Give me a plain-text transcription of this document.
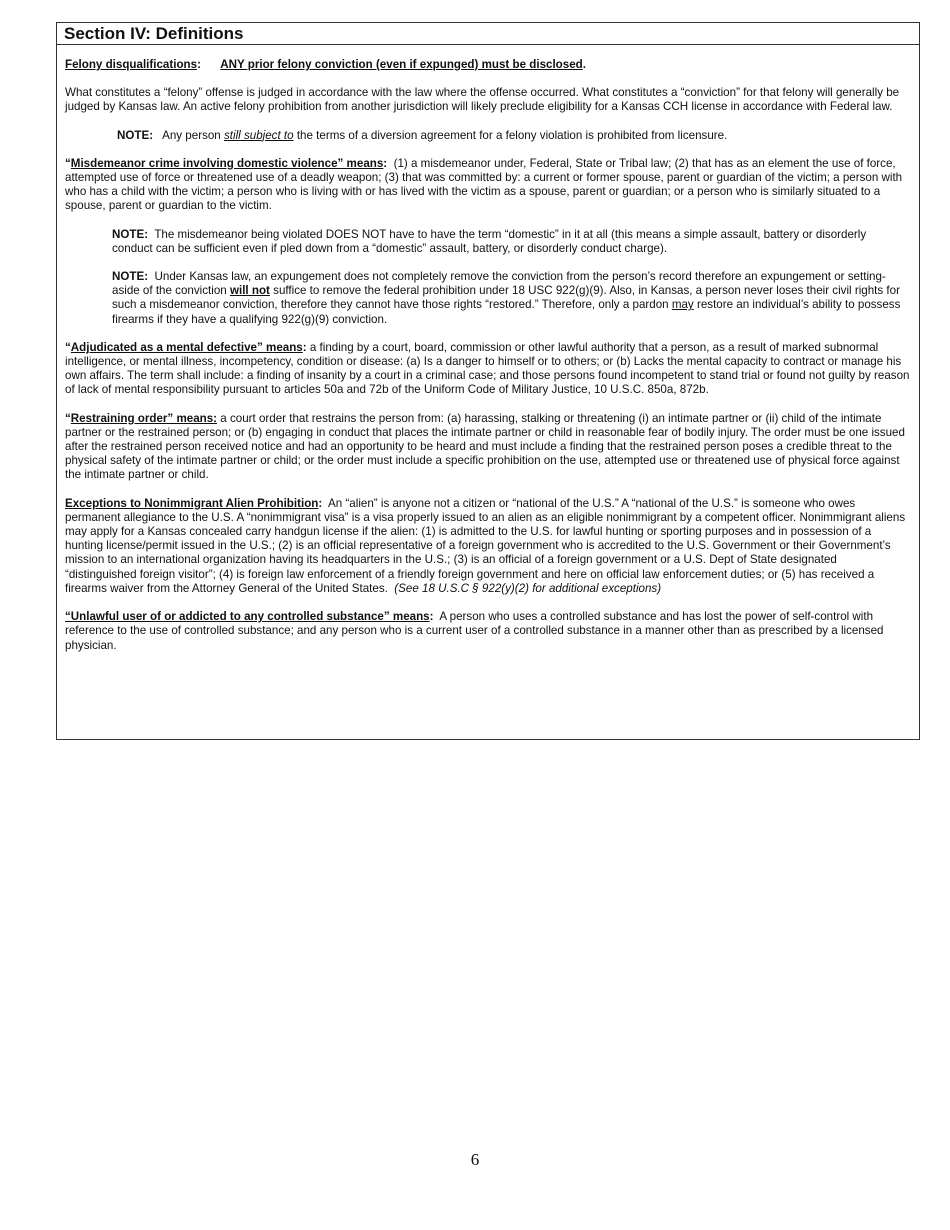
Section IV: Definitions

Felony disqualifications: ANY prior felony conviction (even if expunged) must be disclosed.

What constitutes a “felony” offense is judged in accordance with the law where the offense occurred. What constitutes a “conviction” for that felony will generally be judged by Kansas law. An active felony prohibition from another jurisdiction will likely preclude eligibility for a Kansas CCH license in accordance with Federal law.

NOTE: Any person still subject to the terms of a diversion agreement for a felony violation is prohibited from licensure.

“Misdemeanor crime involving domestic violence” means: (1) a misdemeanor under, Federal, State or Tribal law; (2) that has as an element the use of force, attempted use of force or threatened use of a deadly weapon; (3) that was committed by: a current or former spouse, parent or guardian of the victim; a person with who has a child with the victim; a person who is living with or has lived with the victim as a spouse, parent or guardian; or a person who is similarly situated to a spouse, parent or guardian to the victim.

NOTE: The misdemeanor being violated DOES NOT have to have the term “domestic” in it at all (this means a simple assault, battery or disorderly conduct can be sufficient even if pled down from a “domestic” assault, battery, or disorderly conduct charge).

NOTE: Under Kansas law, an expungement does not completely remove the conviction from the person’s record therefore an expungement or setting-aside of the conviction will not suffice to remove the federal prohibition under 18 USC 922(g)(9). Also, in Kansas, a person never loses their civil rights for such a misdemeanor conviction, therefore they cannot have those rights “restored.” Therefore, only a pardon may restore an individual’s ability to possess firearms if they have a qualifying 922(g)(9) conviction.

“Adjudicated as a mental defective” means: a finding by a court, board, commission or other lawful authority that a person, as a result of marked subnormal intelligence, or mental illness, incompetency, condition or disease: (a) Is a danger to himself or to others; or (b) Lacks the mental capacity to contract or manage his own affairs. The term shall include: a finding of insanity by a court in a criminal case; and those persons found incompetent to stand trial or found not guilty by reason of lack of mental responsibility pursuant to articles 50a and 72b of the Uniform Code of Military Justice, 10 U.S.C. 850a, 872b.

“Restraining order” means: a court order that restrains the person from: (a) harassing, stalking or threatening (i) an intimate partner or (ii) child of the intimate partner or the restrained person; or (b) engaging in conduct that places the intimate partner or child in reasonable fear of bodily injury. The order must be one issued after the restrained person received notice and had an opportunity to be heard and must include a finding that the restrained person poses a credible threat to the physical safety of the intimate partner or child; or the order must include a specific prohibition on the use, attempted use or threatened use of physical force against the intimate partner or child.

Exceptions to Nonimmigrant Alien Prohibition: An “alien” is anyone not a citizen or “national of the U.S.” A “national of the U.S.” is someone who owes permanent allegiance to the U.S. A “nonimmigrant visa” is a visa properly issued to an alien as an eligible nonimmigrant by a competent officer. Nonimmigrant aliens may apply for a Kansas concealed carry handgun license if the alien: (1) is admitted to the U.S. for lawful hunting or sporting purposes and in possession of a hunting license/permit issued in the U.S.; (2) is an official representative of a foreign government who is accredited to the U.S. Government or their Government’s mission to an international organization having its headquarters in the U.S.; (3) is an official of a foreign government or a U.S. Dept of State designated “distinguished foreign visitor”; (4) is foreign law enforcement of a friendly foreign government and here on official law enforcement duties; or (5) has received a firearms waiver from the Attorney General of the United States. (See 18 U.S.C § 922(y)(2) for additional exceptions)

“Unlawful user of or addicted to any controlled substance” means: A person who uses a controlled substance and has lost the power of self-control with reference to the use of controlled substance; and any person who is a current user of a controlled substance in a manner other than as prescribed by a licensed physician.

6
